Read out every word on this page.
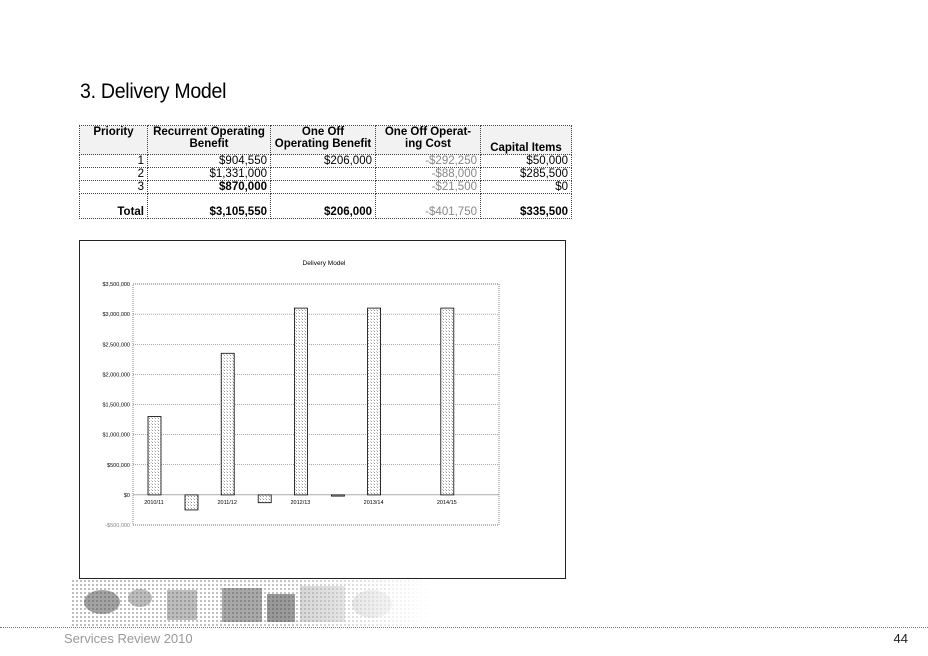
3. Delivery Model
Priority	Recurrent Operating Benefit	One Off Operating Benefit	One Off Operat- ing Cost	Capital Items
1	$904,550	$206,000	-$292,250	$50,000
2	$1,331,000		-$88,000	$285,500
3	$870,000		-$21,500	$0
Total	$3,105,550	$206,000	-$401,750	$335,500
Delivery Model
-$500,000
$0
$500,000
$1,000,000
$1,500,000
$2,000,000
$2,500,000
$3,000,000
$3,500,000
2010/11	2011/12	2012/13	2013/14	2014/15
Services Review 2010	44
